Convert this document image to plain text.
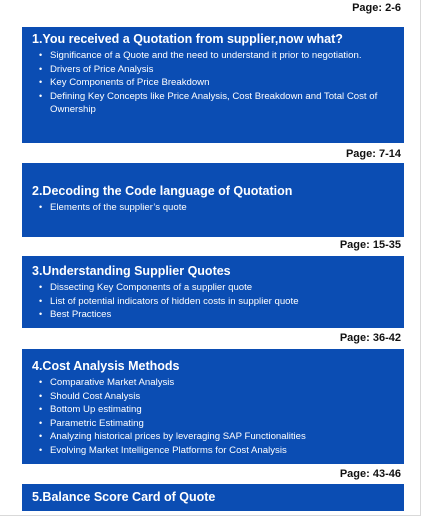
Page: 2-6
1.You received a Quotation from supplier,now what?
• Significance of a Quote and the need to understand it prior to negotiation.
• Drivers of Price Analysis
• Key Components of Price Breakdown
• Defining Key Concepts like Price Analysis, Cost Breakdown and Total Cost of Ownership
Page: 7-14
2.Decoding the Code language of Quotation
• Elements of the supplier’s quote
Page: 15-35
3.Understanding Supplier Quotes
• Dissecting Key Components of a supplier quote
• List of potential indicators of hidden costs in supplier quote
• Best Practices
Page: 36-42
4.Cost Analysis Methods
• Comparative Market Analysis
• Should Cost Analysis
• Bottom Up estimating
• Parametric Estimating
• Analyzing historical prices by leveraging SAP Functionalities
• Evolving Market Intelligence Platforms for Cost Analysis
Page: 43-46
5.Balance Score Card of Quote
